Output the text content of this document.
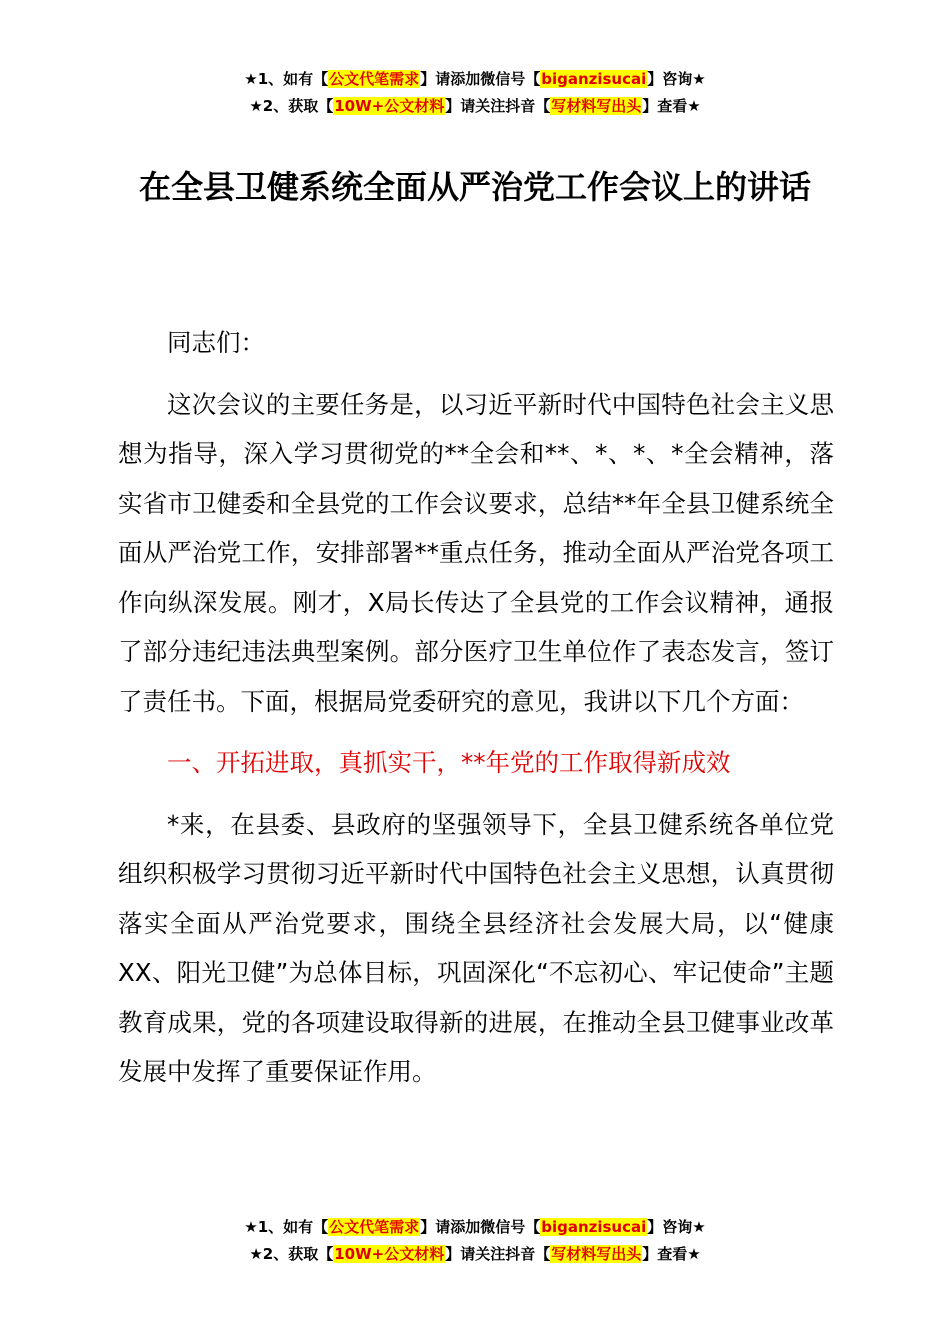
★1、如有【公文代笔需求】请添加微信号【biganzisucai】咨询★
★2、获取【10W+公文材料】请关注抖音【写材料写出头】查看★
在全县卫健系统全面从严治党工作会议上的讲话

同志们：

这次会议的主要任务是，以习近平新时代中国特色社会主义思想为指导，深入学习贯彻党的**全会和**、*、*、*全会精神，落实省市卫健委和全县党的工作会议要求，总结**年全县卫健系统全面从严治党工作，安排部署**重点任务，推动全面从严治党各项工作向纵深发展。刚才，X局长传达了全县党的工作会议精神，通报了部分违纪违法典型案例。部分医疗卫生单位作了表态发言，签订了责任书。下面，根据局党委研究的意见，我讲以下几个方面：

一、开拓进取，真抓实干，**年党的工作取得新成效

*来，在县委、县政府的坚强领导下，全县卫健系统各单位党组织积极学习贯彻习近平新时代中国特色社会主义思想，认真贯彻落实全面从严治党要求，围绕全县经济社会发展大局，以“健康XX、阳光卫健”为总体目标，巩固深化“不忘初心、牢记使命”主题教育成果，党的各项建设取得新的进展，在推动全县卫健事业改革发展中发挥了重要保证作用。

★1、如有【公文代笔需求】请添加微信号【biganzisucai】咨询★
★2、获取【10W+公文材料】请关注抖音【写材料写出头】查看★
